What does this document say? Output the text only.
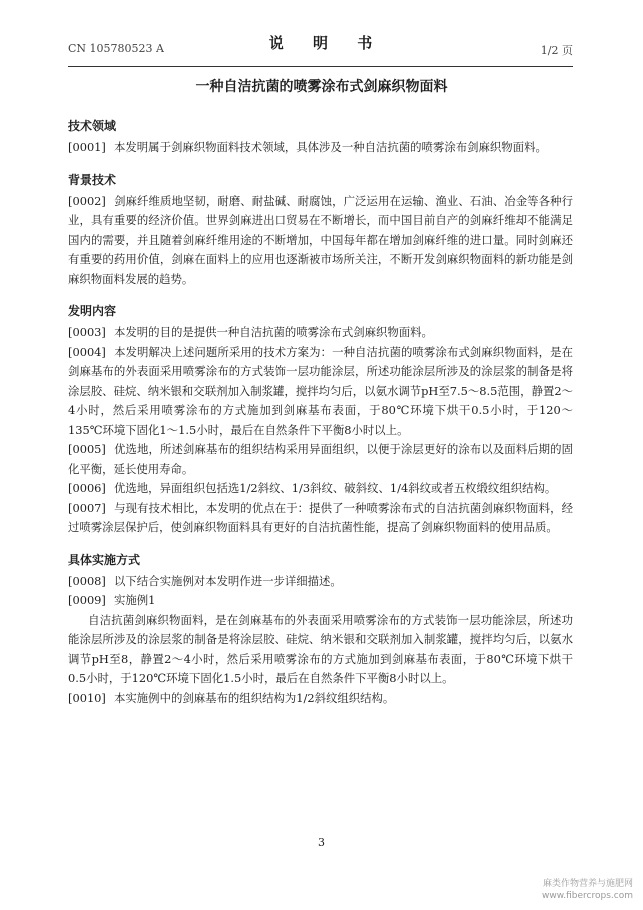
CN 105780523 A	说 明 书	1/2 页
一种自洁抗菌的喷雾涂布式剑麻织物面料
技术领域

[0001] 本发明属于剑麻织物面料技术领域，具体涉及一种自洁抗菌的喷雾涂布剑麻织物面料。

背景技术

[0002] 剑麻纤维质地坚韧，耐磨、耐盐碱、耐腐蚀，广泛运用在运输、渔业、石油、冶金等各种行业，具有重要的经济价值。世界剑麻进出口贸易在不断增长，而中国目前自产的剑麻纤维却不能满足国内的需要，并且随着剑麻纤维用途的不断增加，中国每年都在增加剑麻纤维的进口量。同时剑麻还有重要的药用价值，剑麻在面料上的应用也逐渐被市场所关注，不断开发剑麻织物面料的新功能是剑麻织物面料发展的趋势。

发明内容

[0003] 本发明的目的是提供一种自洁抗菌的喷雾涂布式剑麻织物面料。

[0004] 本发明解决上述问题所采用的技术方案为：一种自洁抗菌的喷雾涂布式剑麻织物面料，是在剑麻基布的外表面采用喷雾涂布的方式装饰一层功能涂层，所述功能涂层所涉及的涂层浆的制备是将涂层胶、硅烷、纳米银和交联剂加入制浆罐，搅拌均匀后，以氨水调节pH至7.5～8.5范围，静置2～4小时，然后采用喷雾涂布的方式施加到剑麻基布表面，于80℃环境下烘干0.5小时，于120～135℃环境下固化1～1.5小时，最后在自然条件下平衡8小时以上。

[0005] 优选地，所述剑麻基布的组织结构采用异面组织，以便于涂层更好的涂布以及面料后期的固化平衡，延长使用寿命。

[0006] 优选地，异面组织包括选1/2斜纹、1/3斜纹、破斜纹、1/4斜纹或者五枚缎纹组织结构。

[0007] 与现有技术相比，本发明的优点在于：提供了一种喷雾涂布式的自洁抗菌剑麻织物面料，经过喷雾涂层保护后，使剑麻织物面料具有更好的自洁抗菌性能，提高了剑麻织物面料的使用品质。

具体实施方式

[0008] 以下结合实施例对本发明作进一步详细描述。

[0009] 实施例1

自洁抗菌剑麻织物面料，是在剑麻基布的外表面采用喷雾涂布的方式装饰一层功能涂层，所述功能涂层所涉及的涂层浆的制备是将涂层胶、硅烷、纳米银和交联剂加入制浆罐，搅拌均匀后，以氨水调节pH至8，静置2～4小时，然后采用喷雾涂布的方式施加到剑麻基布表面，于80℃环境下烘干0.5小时，于120℃环境下固化1.5小时，最后在自然条件下平衡8小时以上。

[0010] 本实施例中的剑麻基布的组织结构为1/2斜纹组织结构。

3
麻类作物营养与施肥网
www.fibercrops.com
